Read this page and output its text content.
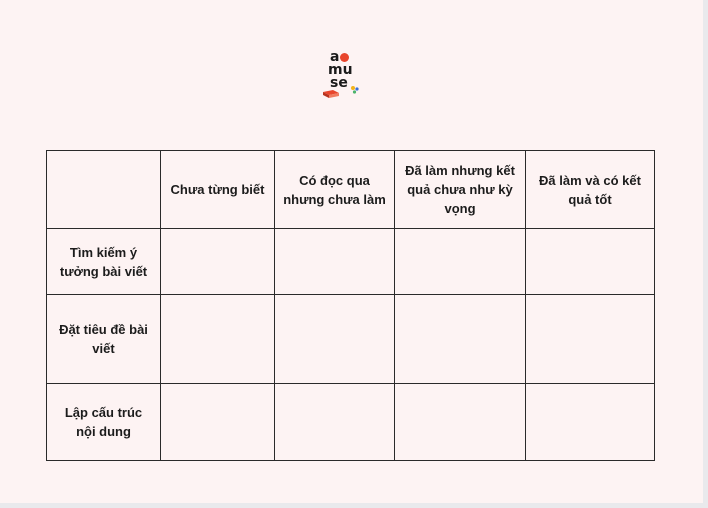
a
mu
se
	Chưa từng biết	Có đọc qua nhưng chưa làm	Đã làm nhưng kết quả chưa như kỳ vọng	Đã làm và có kết quả tốt
Tìm kiếm ý tưởng bài viết				
Đặt tiêu đề bài viết				
Lập cấu trúc nội dung				
